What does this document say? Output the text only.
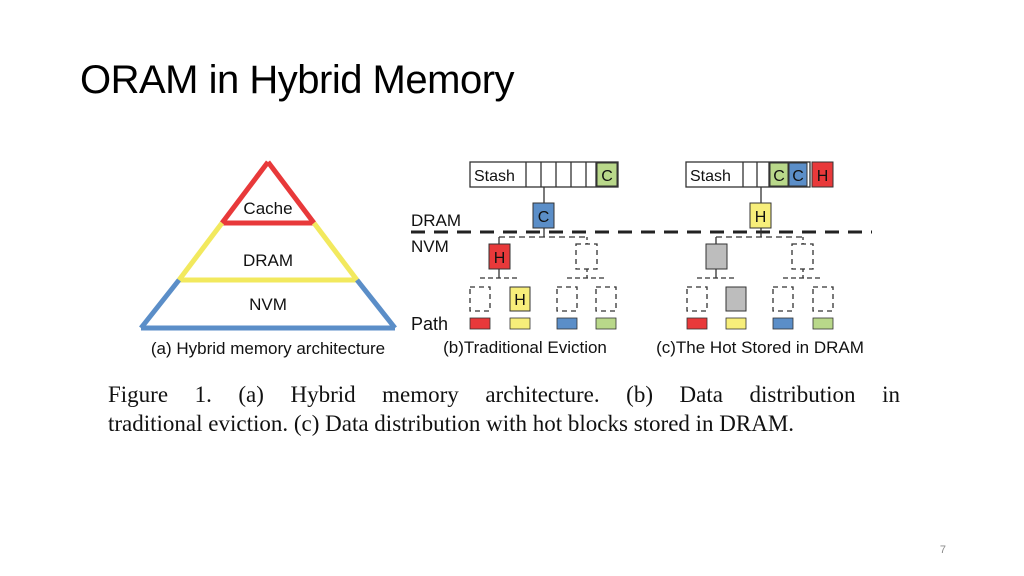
ORAM in Hybrid Memory
Cache
DRAM
NVM
(a) Hybrid memory architecture
DRAM
NVM
Path
Stash	C
C
H
H
(b)Traditional Eviction
Stash	C C H
H
(c)The Hot Stored in DRAM
Figure 1. (a) Hybrid memory architecture. (b) Data distribution in
traditional eviction. (c) Data distribution with hot blocks stored in DRAM.
7
